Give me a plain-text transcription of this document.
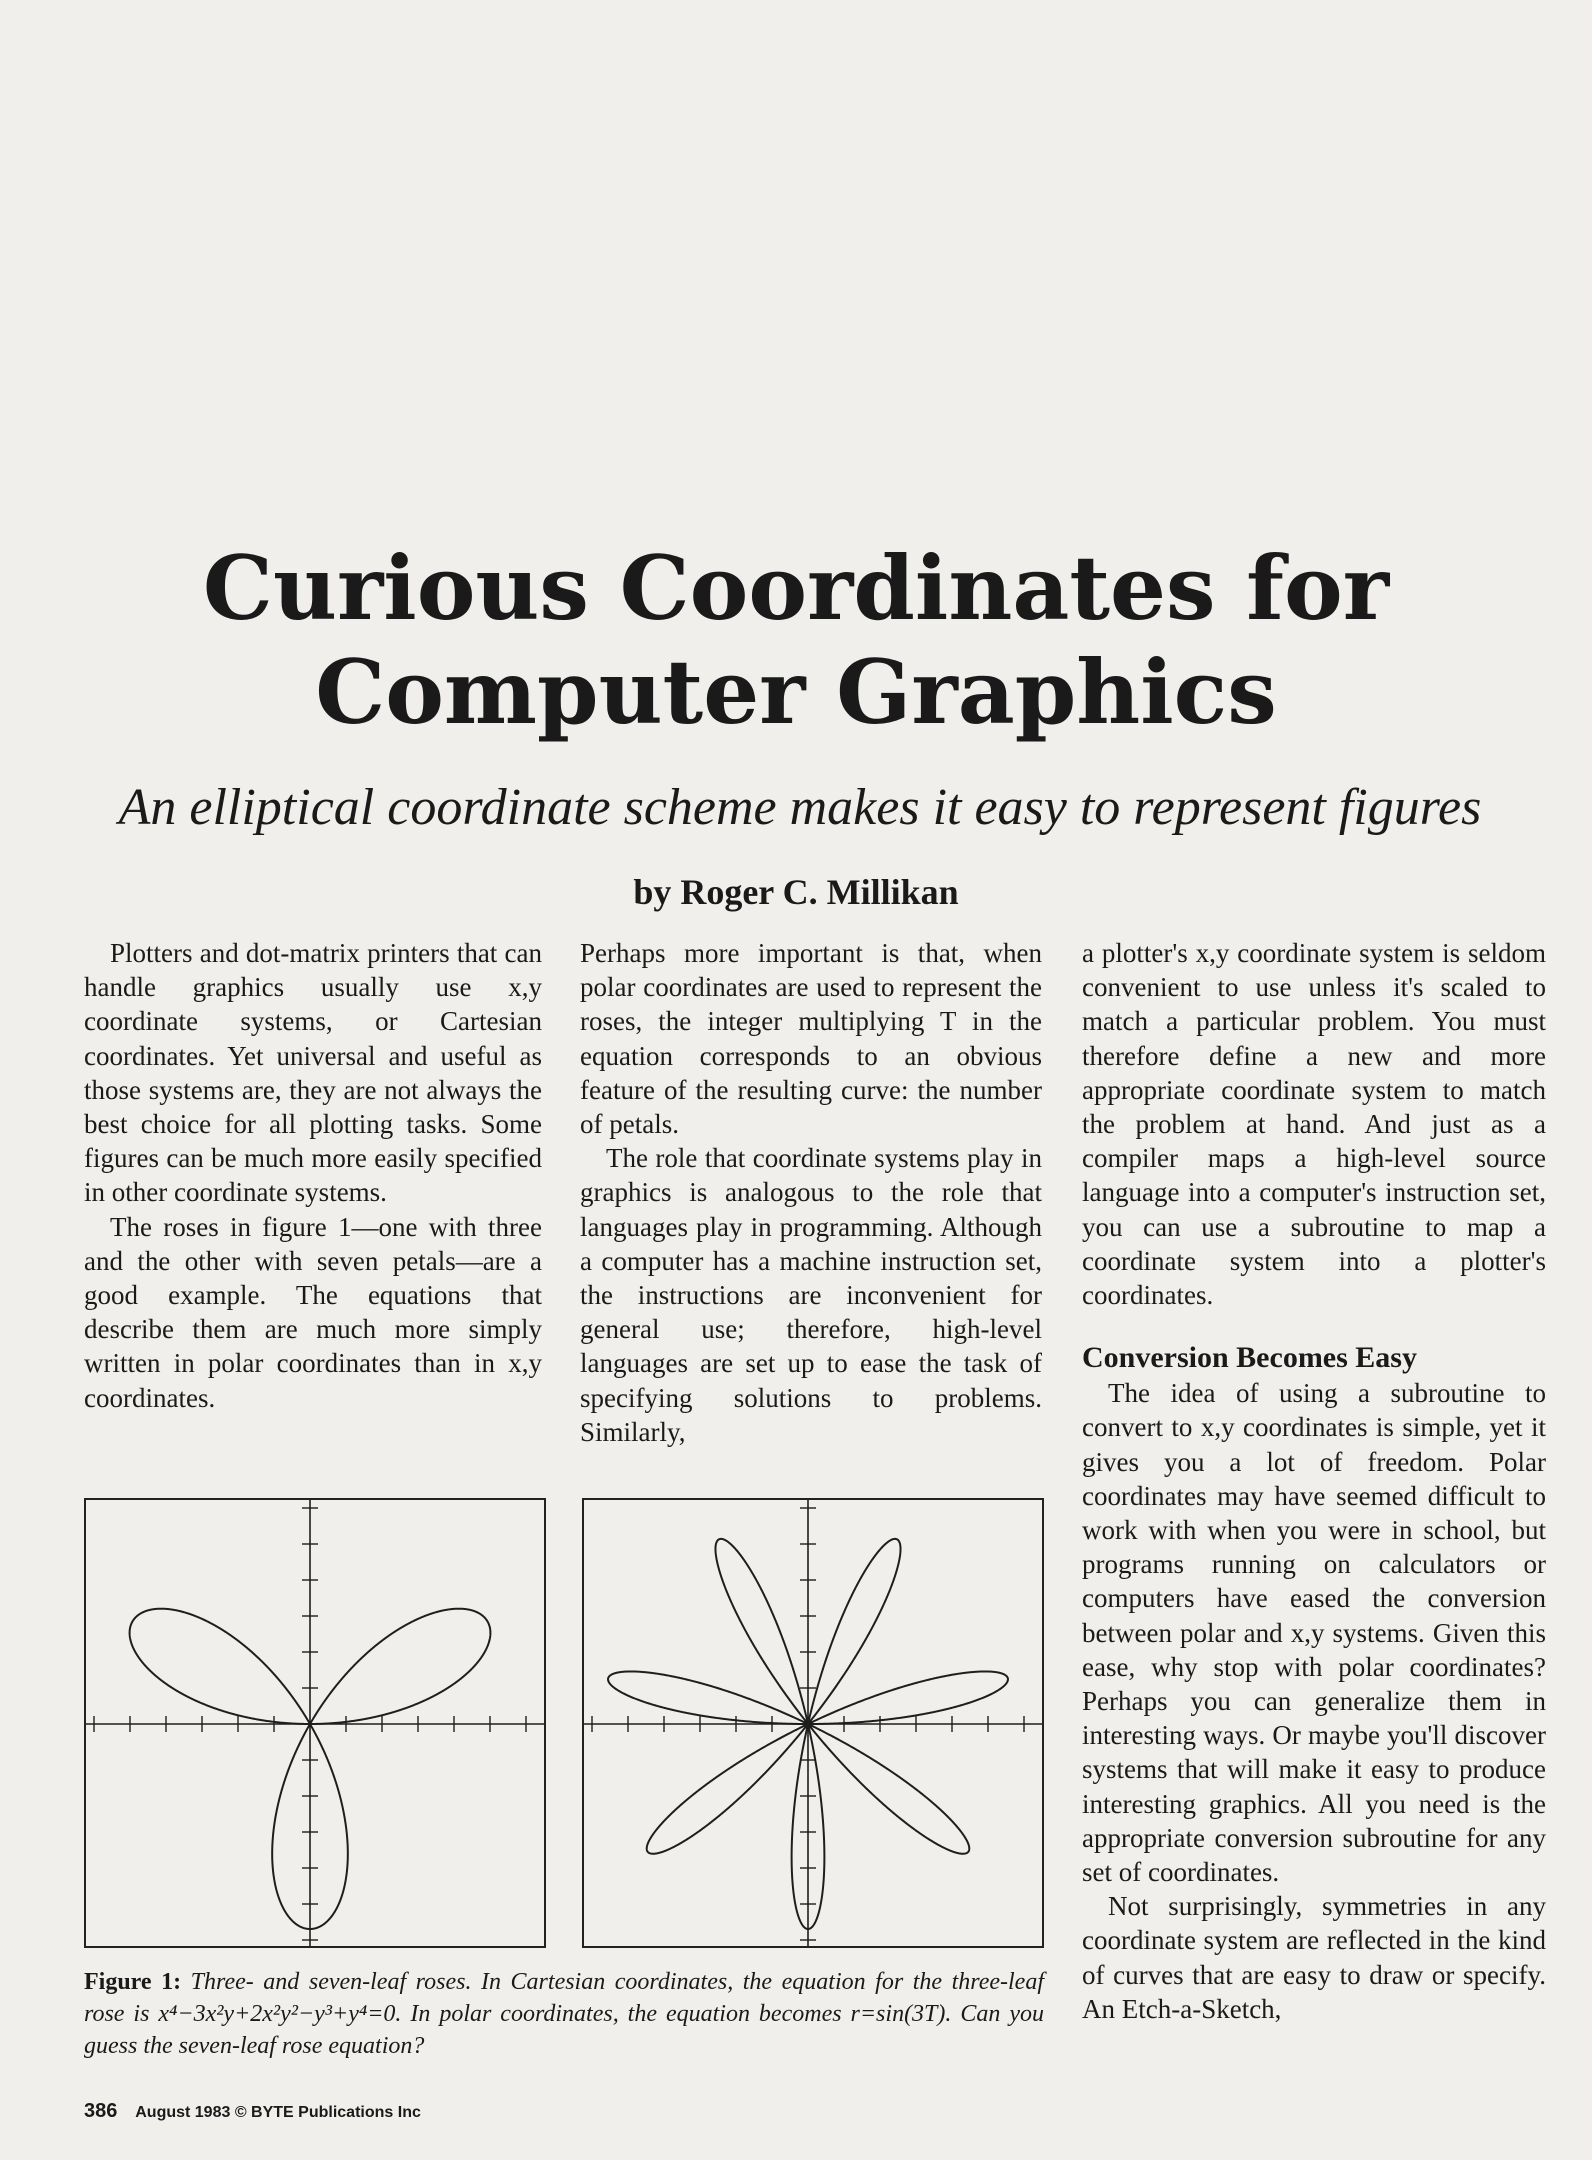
Curious Coordinates for
Computer Graphics

An elliptical coordinate scheme makes it easy to represent figures

by Roger C. Millikan

Plotters and dot-matrix printers that can handle graphics usually use x,y coordinate systems, or Cartesian coordinates. Yet universal and useful as those systems are, they are not always the best choice for all plotting tasks. Some figures can be much more easily specified in other coordinate systems.

The roses in figure 1—one with three and the other with seven petals—are a good example. The equations that describe them are much more simply written in polar coordinates than in x,y coordinates.

Perhaps more important is that, when polar coordinates are used to represent the roses, the integer multiplying T in the equation corresponds to an obvious feature of the resulting curve: the number of petals.

The role that coordinate systems play in graphics is analogous to the role that languages play in programming. Although a computer has a machine instruction set, the instructions are inconvenient for general use; therefore, high-level languages are set up to ease the task of specifying solutions to problems. Similarly,

a plotter's x,y coordinate system is seldom convenient to use unless it's scaled to match a particular problem. You must therefore define a new and more appropriate coordinate system to match the problem at hand. And just as a compiler maps a high-level source language into a computer's instruction set, you can use a subroutine to map a coordinate system into a plotter's coordinates.

Conversion Becomes Easy

The idea of using a subroutine to convert to x,y coordinates is simple, yet it gives you a lot of freedom. Polar coordinates may have seemed difficult to work with when you were in school, but programs running on calculators or computers have eased the conversion between polar and x,y systems. Given this ease, why stop with polar coordinates? Perhaps you can generalize them in interesting ways. Or maybe you'll discover systems that will make it easy to produce interesting graphics. All you need is the appropriate conversion subroutine for any set of coordinates.

Not surprisingly, symmetries in any coordinate system are reflected in the kind of curves that are easy to draw or specify. An Etch-a-Sketch,

Figure 1: Three- and seven-leaf roses. In Cartesian coordinates, the equation for the three-leaf rose is x⁴−3x²y+2x²y²−y³+y⁴=0. In polar coordinates, the equation becomes r=sin(3T). Can you guess the seven-leaf rose equation?
386 August 1983 © BYTE Publications Inc
